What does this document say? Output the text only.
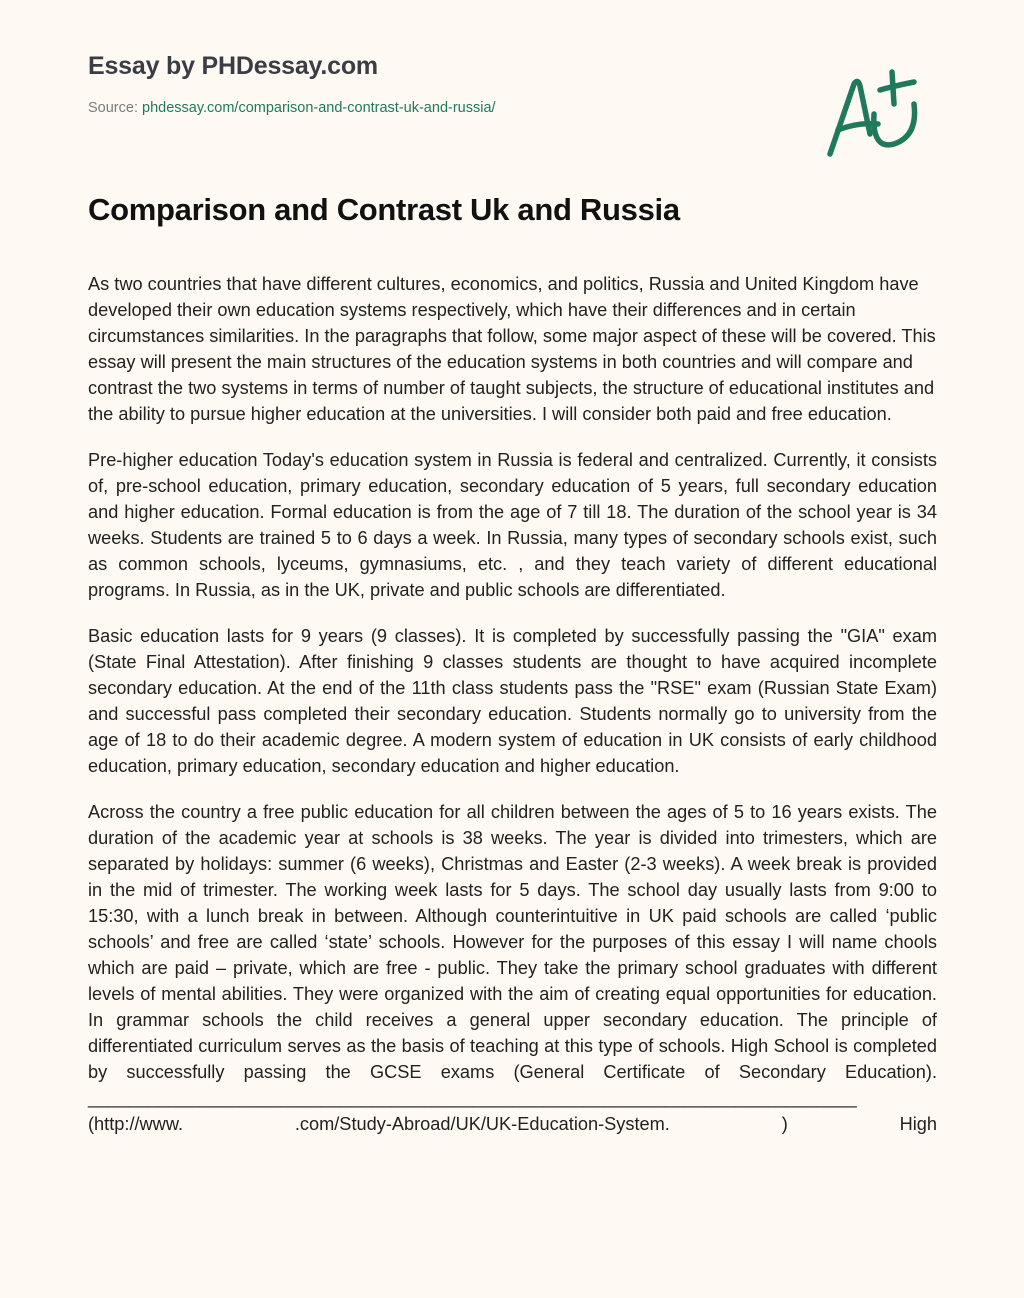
Essay by PHDessay.com
Source: phdessay.com/comparison-and-contrast-uk-and-russia/
Comparison and Contrast Uk and Russia

As two countries that have different cultures, economics, and politics, Russia and United Kingdom have developed their own education systems respectively, which have their differences and in certain circumstances similarities. In the paragraphs that follow, some major aspect of these will be covered. This essay will present the main structures of the education systems in both countries and will compare and contrast the two systems in terms of number of taught subjects, the structure of educational institutes and the ability to pursue higher education at the universities. I will consider both paid and free education.

Pre-higher education Today's education system in Russia is federal and centralized. Currently, it consists of, pre-school education, primary education, secondary education of 5 years, full secondary education and higher education. Formal education is from the age of 7 till 18. The duration of the school year is 34 weeks. Students are trained 5 to 6 days a week. In Russia, many types of secondary schools exist, such as common schools, lyceums, gymnasiums, etc. , and they teach variety of different educational programs. In Russia, as in the UK, private and public schools are differentiated.

Basic education lasts for 9 years (9 classes). It is completed by successfully passing the "GIA" exam (State Final Attestation). After finishing 9 classes students are thought to have acquired incomplete secondary education. At the end of the 11th class students pass the "RSE" exam (Russian State Exam) and successful pass completed their secondary education. Students normally go to university from the age of 18 to do their academic degree. A modern system of education in UK consists of early childhood education, primary education, secondary education and higher education.

Across the country a free public education for all children between the ages of 5 to 16 years exists. The duration of the academic year at schools is 38 weeks. The year is divided into trimesters, which are separated by holidays: summer (6 weeks), Christmas and Easter (2-3 weeks). A week break is provided in the mid of trimester. The working week lasts for 5 days. The school day usually lasts from 9:00 to 15:30, with a lunch break in between. Although counterintuitive in UK paid schools are called ‘public schools’ and free are called ‘state’ schools. However for the purposes of this essay I will name chools which are paid – private, which are free - public. They take the primary school graduates with different levels of mental abilities. They were organized with the aim of creating equal opportunities for education. In grammar schools the child receives a general upper secondary education. The principle of differentiated curriculum serves as the basis of teaching at this type of schools. High School is completed by successfully passing the GCSE exams (General Certificate of Secondary Education).

____________________________________________________________________________
(http://www. .com/Study-Abroad/UK/UK-Education-System. ) High
